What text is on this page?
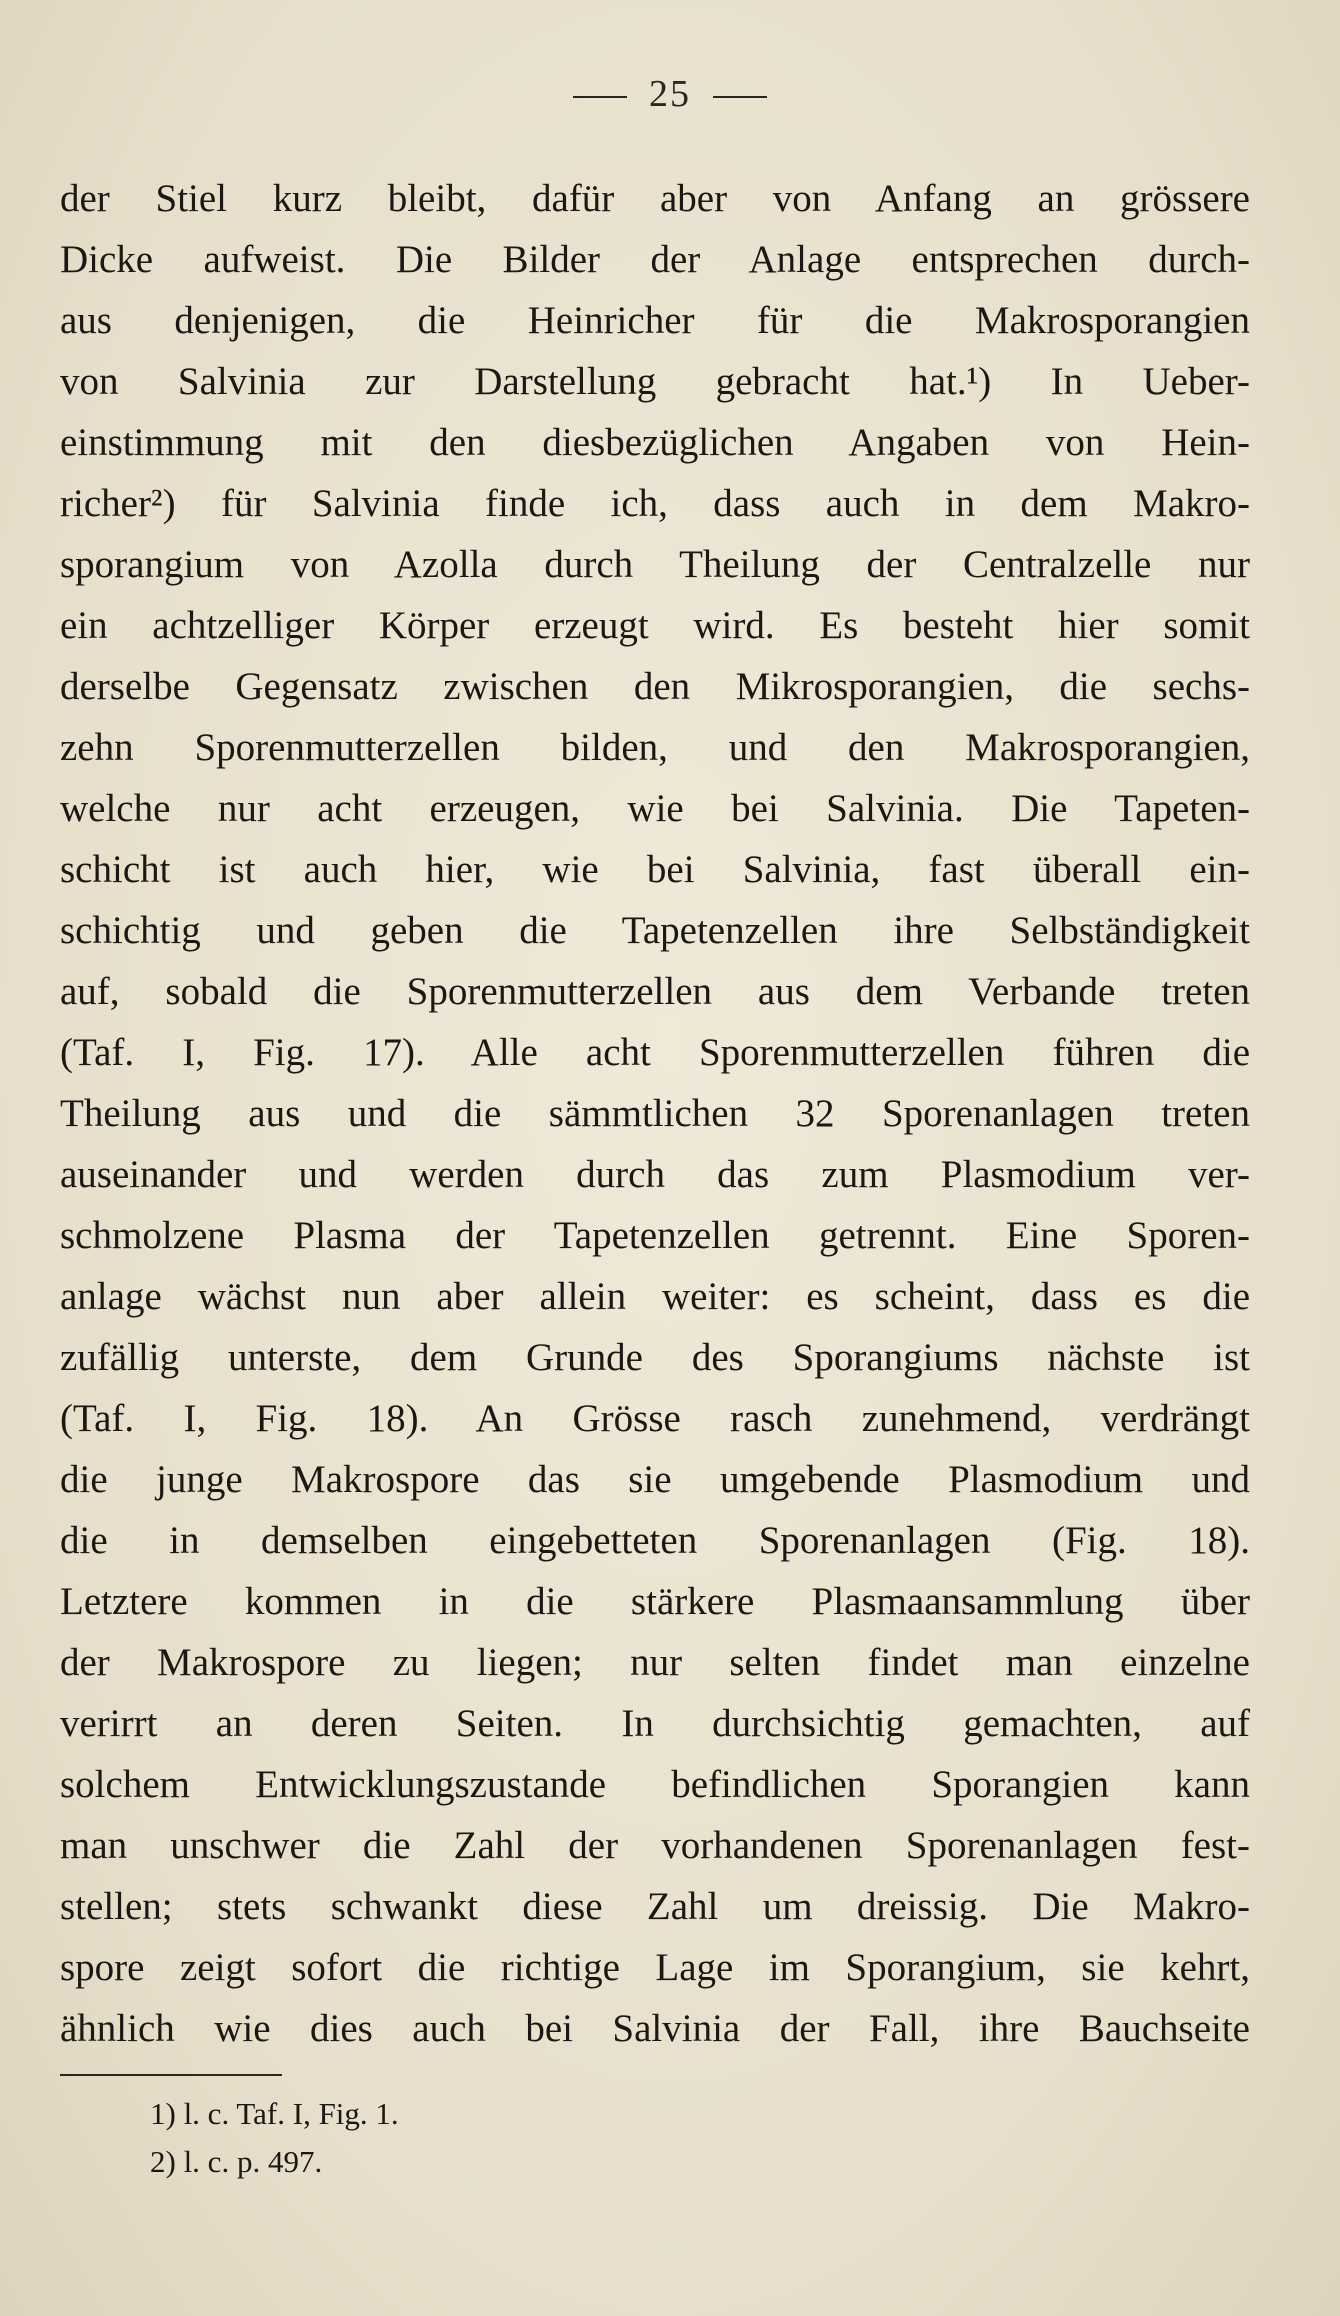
25
der Stiel kurz bleibt, dafür aber von Anfang an grössere
Dicke aufweist. Die Bilder der Anlage entsprechen durch-
aus denjenigen, die Heinricher für die Makrosporangien
von Salvinia zur Darstellung gebracht hat.¹) In Ueber-
einstimmung mit den diesbezüglichen Angaben von Hein-
richer²) für Salvinia finde ich, dass auch in dem Makro-
sporangium von Azolla durch Theilung der Centralzelle nur
ein achtzelliger Körper erzeugt wird. Es besteht hier somit
derselbe Gegensatz zwischen den Mikrosporangien, die sechs-
zehn Sporenmutterzellen bilden, und den Makrosporangien,
welche nur acht erzeugen, wie bei Salvinia. Die Tapeten-
schicht ist auch hier, wie bei Salvinia, fast überall ein-
schichtig und geben die Tapetenzellen ihre Selbständigkeit
auf, sobald die Sporenmutterzellen aus dem Verbande treten
(Taf. I, Fig. 17). Alle acht Sporenmutterzellen führen die
Theilung aus und die sämmtlichen 32 Sporenanlagen treten
auseinander und werden durch das zum Plasmodium ver-
schmolzene Plasma der Tapetenzellen getrennt. Eine Sporen-
anlage wächst nun aber allein weiter: es scheint, dass es die
zufällig unterste, dem Grunde des Sporangiums nächste ist
(Taf. I, Fig. 18). An Grösse rasch zunehmend, verdrängt
die junge Makrospore das sie umgebende Plasmodium und
die in demselben eingebetteten Sporenanlagen (Fig. 18).
Letztere kommen in die stärkere Plasmaansammlung über
der Makrospore zu liegen; nur selten findet man einzelne
verirrt an deren Seiten. In durchsichtig gemachten, auf
solchem Entwicklungszustande befindlichen Sporangien kann
man unschwer die Zahl der vorhandenen Sporenanlagen fest-
stellen; stets schwankt diese Zahl um dreissig. Die Makro-
spore zeigt sofort die richtige Lage im Sporangium, sie kehrt,
ähnlich wie dies auch bei Salvinia der Fall, ihre Bauchseite
1) l. c. Taf. I, Fig. 1.
2) l. c. p. 497.
